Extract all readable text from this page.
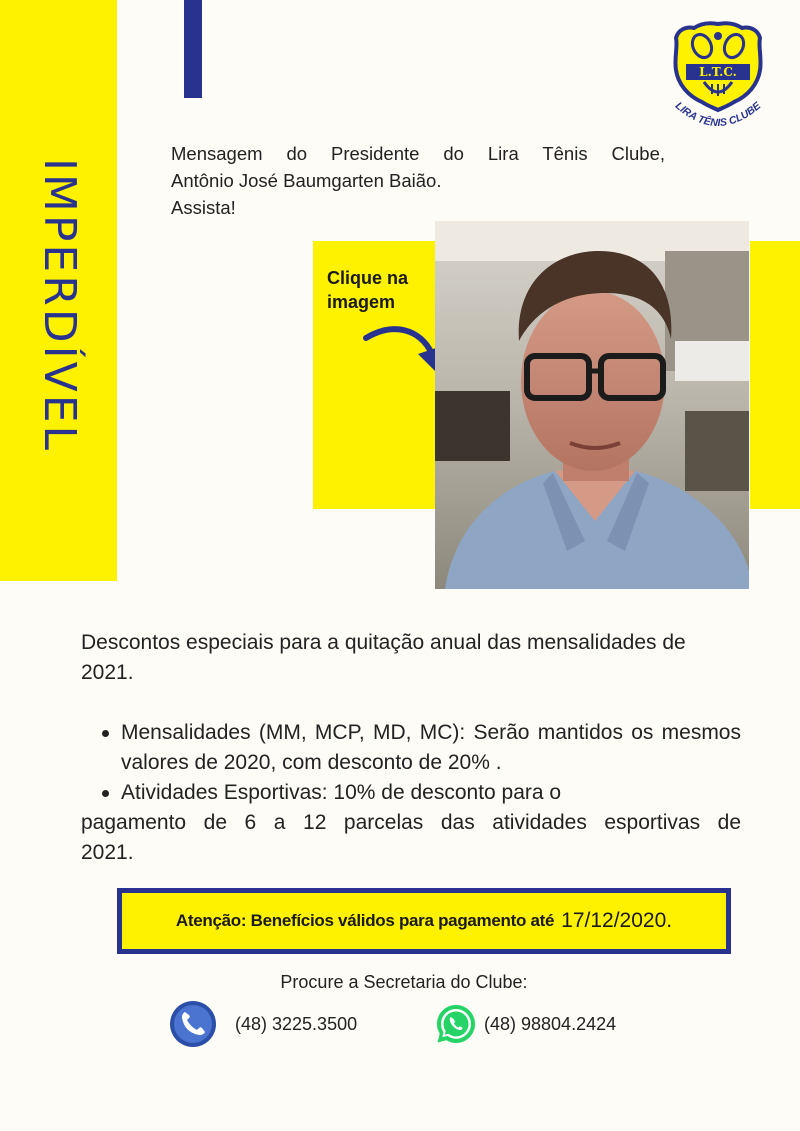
IMPERDÍVEL
L.T.C.
LIRA TÊNIS CLUBE
Mensagem do Presidente do Lira Tênis Clube,
Antônio José Baumgarten Baião.
Assista!
Clique na
imagem

Descontos especiais para a quitação anual das mensalidades de 2021.

Mensalidades (MM, MCP, MD, MC): Serão mantidos os mesmos valores de 2020, com desconto de 20% .
Atividades Esportivas: 10% de desconto para o

pagamento de 6 a 12 parcelas das atividades esportivas de

2021.

Atenção: Benefícios válidos para pagamento até 17/12/2020.
Procure a Secretaria do Clube:
(48) 3225.3500	(48) 98804.2424
